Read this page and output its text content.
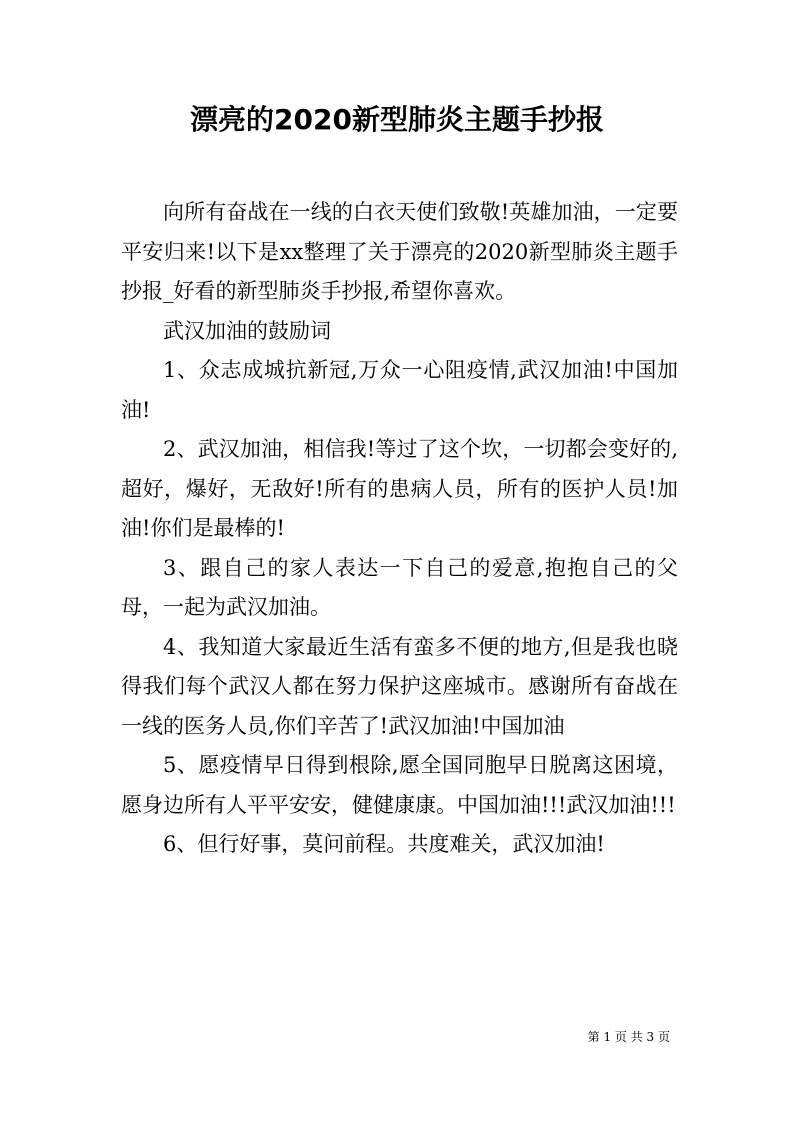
漂亮的2020新型肺炎主题手抄报

向所有奋战在一线的白衣天使们致敬!英雄加油，一定要平安归来!以下是xx整理了关于漂亮的2020新型肺炎主题手抄报_好看的新型肺炎手抄报,希望你喜欢。

武汉加油的鼓励词

1、众志成城抗新冠,万众一心阻疫情,武汉加油!中国加油!

2、武汉加油，相信我!等过了这个坎，一切都会变好的,超好，爆好，无敌好!所有的患病人员，所有的医护人员!加油!你们是最棒的!

3、跟自己的家人表达一下自己的爱意,抱抱自己的父母，一起为武汉加油。

4、我知道大家最近生活有蛮多不便的地方,但是我也晓得我们每个武汉人都在努力保护这座城市。感谢所有奋战在一线的医务人员,你们辛苦了!武汉加油!中国加油

5、愿疫情早日得到根除,愿全国同胞早日脱离这困境，愿身边所有人平平安安，健健康康。中国加油!!!武汉加油!!!

6、但行好事，莫问前程。共度难关，武汉加油!

第 1 页 共 3 页
